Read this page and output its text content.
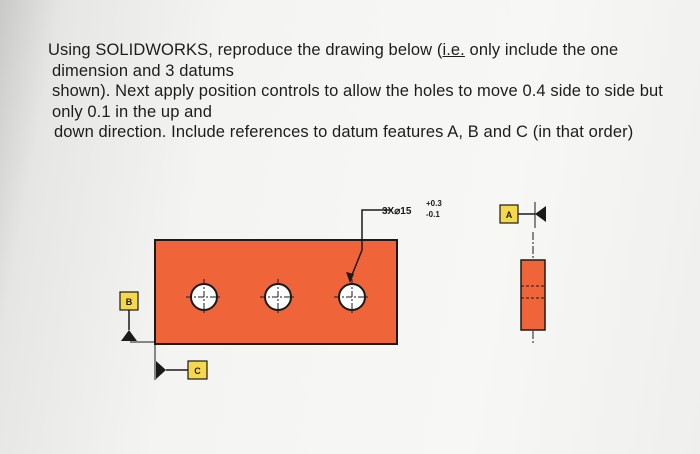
Using SOLIDWORKS, reproduce the drawing below (i.e. only include the one
dimension and 3 datums
shown). Next apply position controls to allow the holes to move 0.4 side to side but
only 0.1 in the up and
down direction. Include references to datum features A, B and C (in that order)
3X⌀15
+0.3
-0.1
B
C
A
